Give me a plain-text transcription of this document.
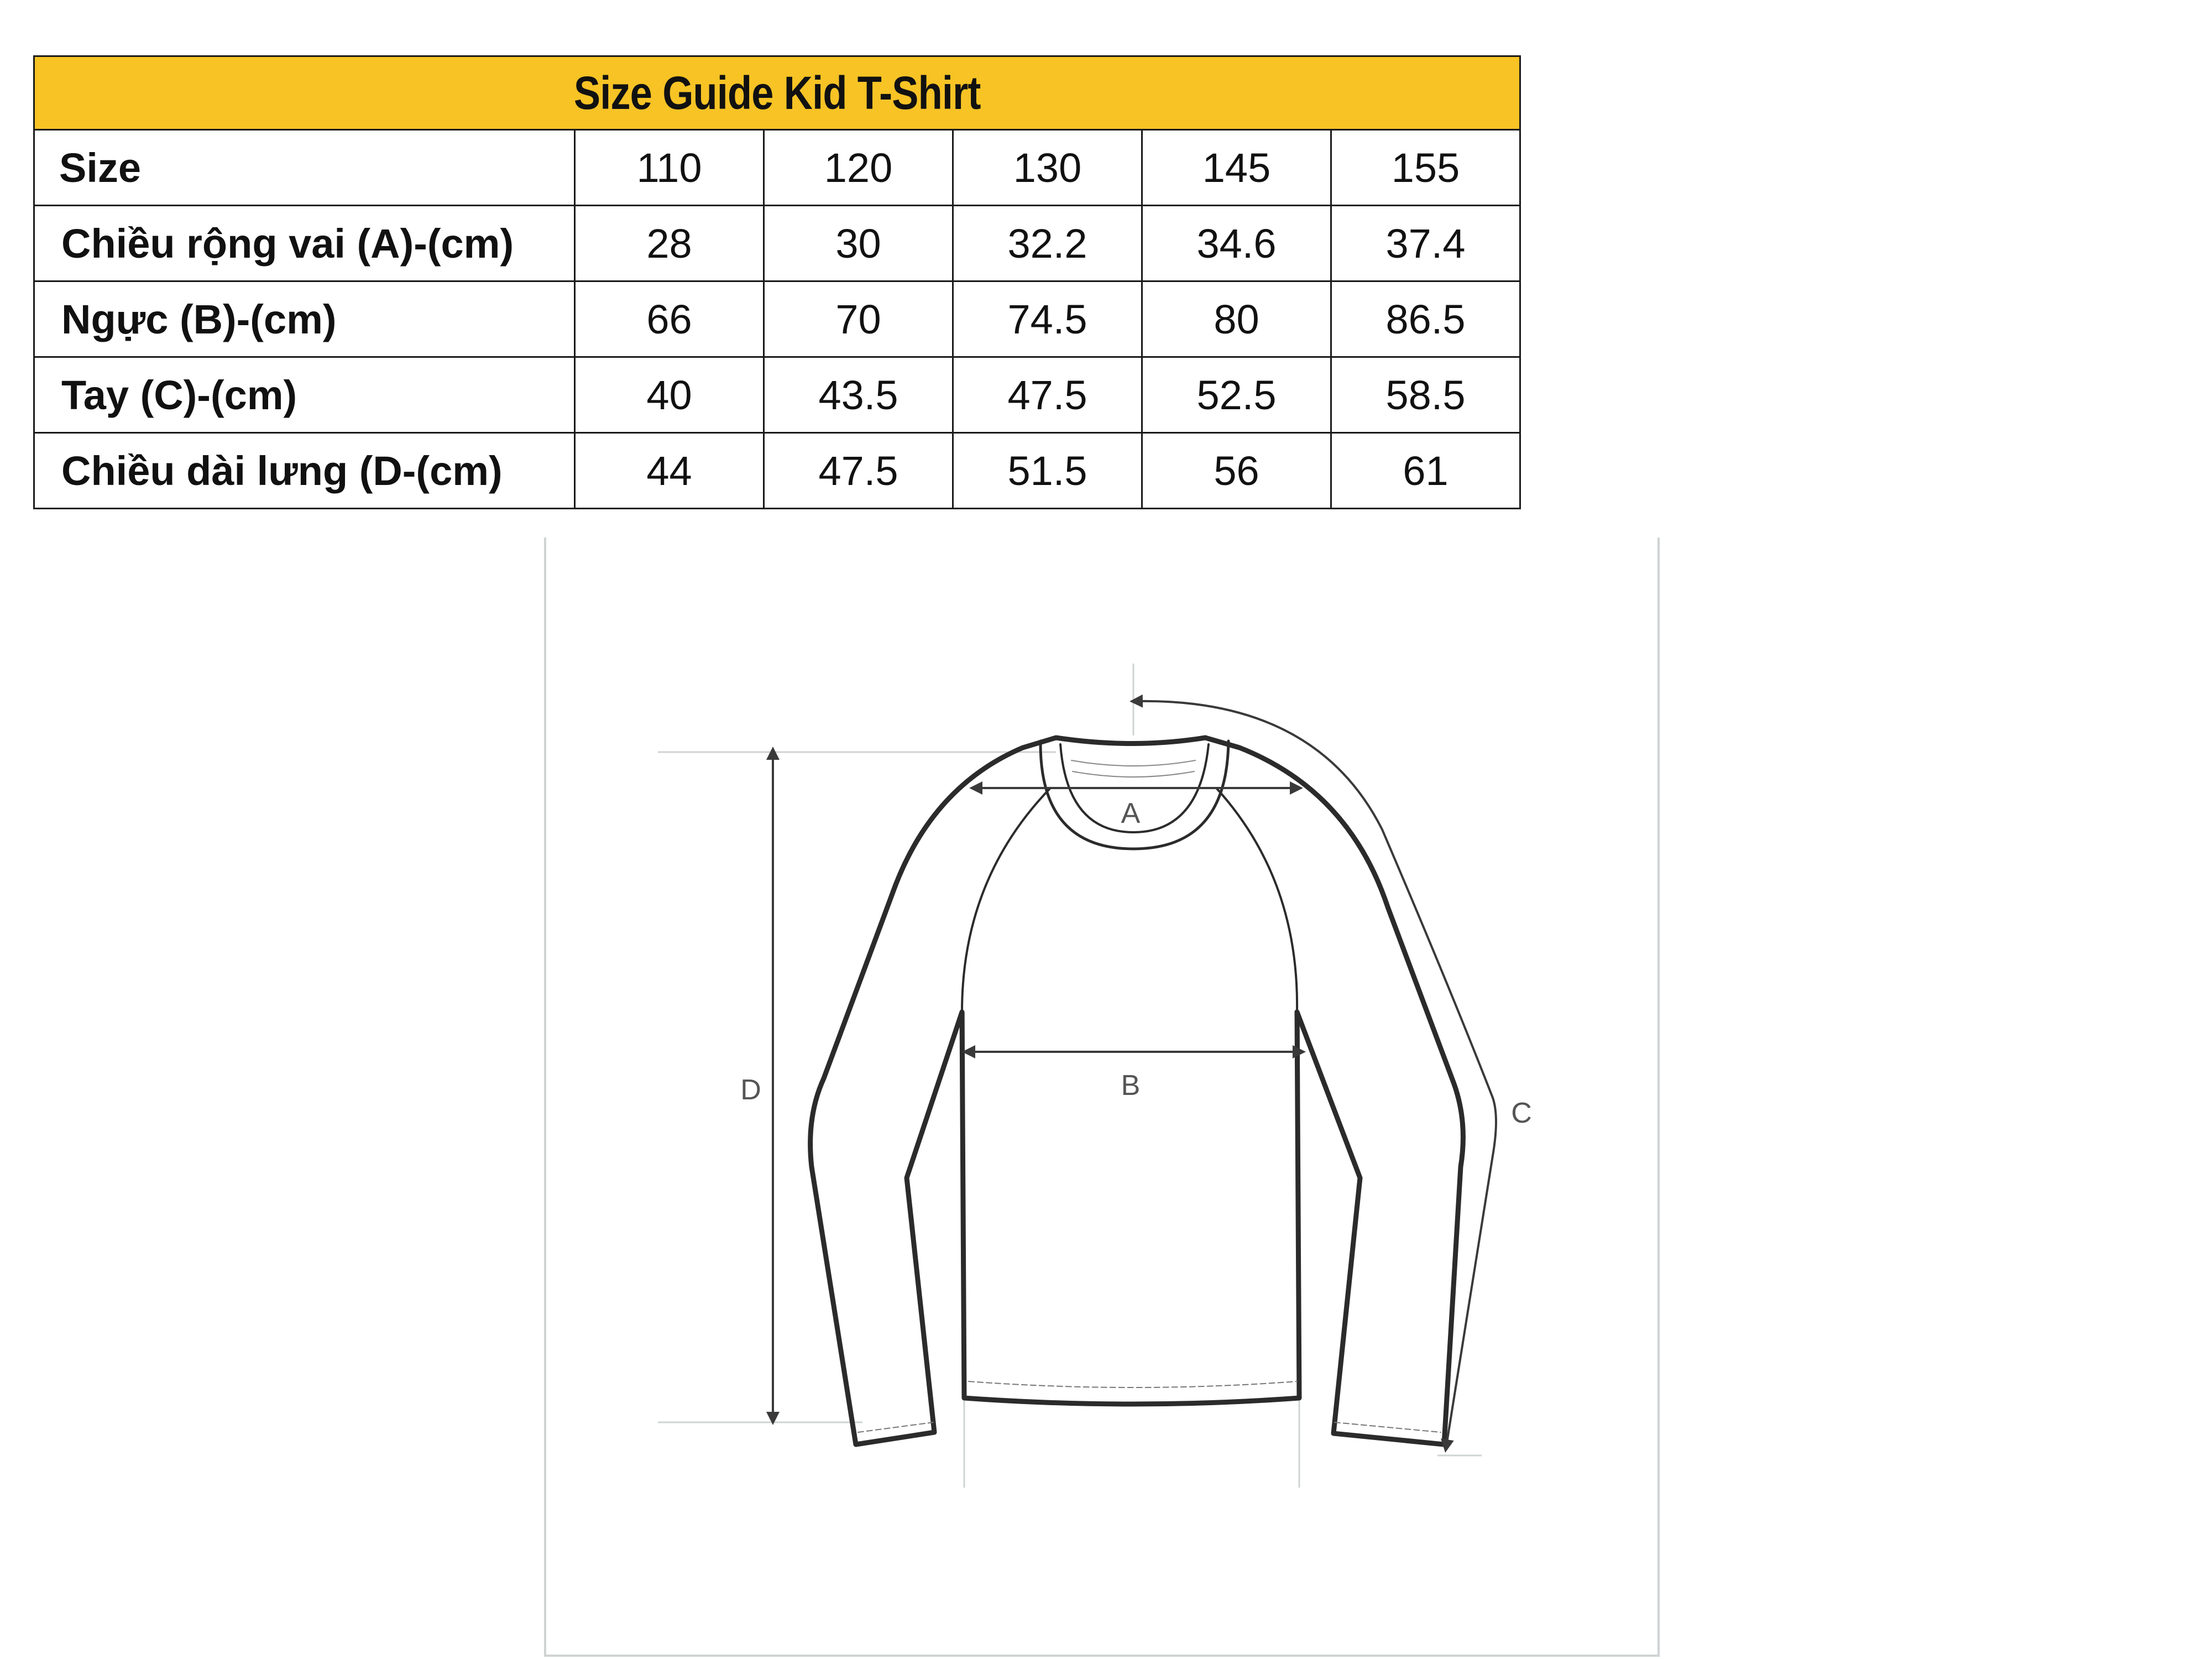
Size Guide Kid T-Shirt					
Size	110	120	130	145	155
Chiều rộng vai (A)-(cm)	28	30	32.2	34.6	37.4
Ngực (B)-(cm)	66	70	74.5	80	86.5
Tay (C)-(cm)	40	43.5	47.5	52.5	58.5
Chiều dài lưng (D-(cm)	44	47.5	51.5	56	61
A
B
C
D
